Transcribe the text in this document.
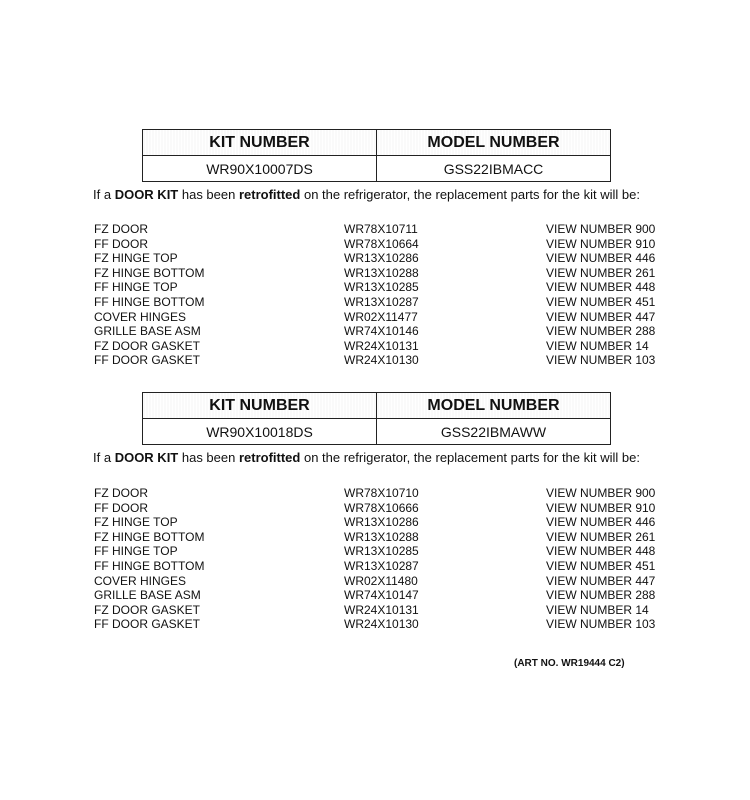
KIT NUMBER	MODEL NUMBER
WR90X10007DS	GSS22IBMACC
If a DOOR KIT has been retrofitted on the refrigerator, the replacement parts for the kit will be:
FZ DOOR	WR78X10711	VIEW NUMBER 900
FF DOOR	WR78X10664	VIEW NUMBER 910
FZ HINGE TOP	WR13X10286	VIEW NUMBER 446
FZ HINGE BOTTOM	WR13X10288	VIEW NUMBER 261
FF HINGE TOP	WR13X10285	VIEW NUMBER 448
FF HINGE BOTTOM	WR13X10287	VIEW NUMBER 451
COVER HINGES	WR02X11477	VIEW NUMBER 447
GRILLE BASE ASM	WR74X10146	VIEW NUMBER 288
FZ DOOR GASKET	WR24X10131	VIEW NUMBER 14
FF DOOR GASKET	WR24X10130	VIEW NUMBER 103
KIT NUMBER	MODEL NUMBER
WR90X10018DS	GSS22IBMAWW
If a DOOR KIT has been retrofitted on the refrigerator, the replacement parts for the kit will be:
FZ DOOR	WR78X10710	VIEW NUMBER 900
FF DOOR	WR78X10666	VIEW NUMBER 910
FZ HINGE TOP	WR13X10286	VIEW NUMBER 446
FZ HINGE BOTTOM	WR13X10288	VIEW NUMBER 261
FF HINGE TOP	WR13X10285	VIEW NUMBER 448
FF HINGE BOTTOM	WR13X10287	VIEW NUMBER 451
COVER HINGES	WR02X11480	VIEW NUMBER 447
GRILLE BASE ASM	WR74X10147	VIEW NUMBER 288
FZ DOOR GASKET	WR24X10131	VIEW NUMBER 14
FF DOOR GASKET	WR24X10130	VIEW NUMBER 103
(ART NO. WR19444 C2)
